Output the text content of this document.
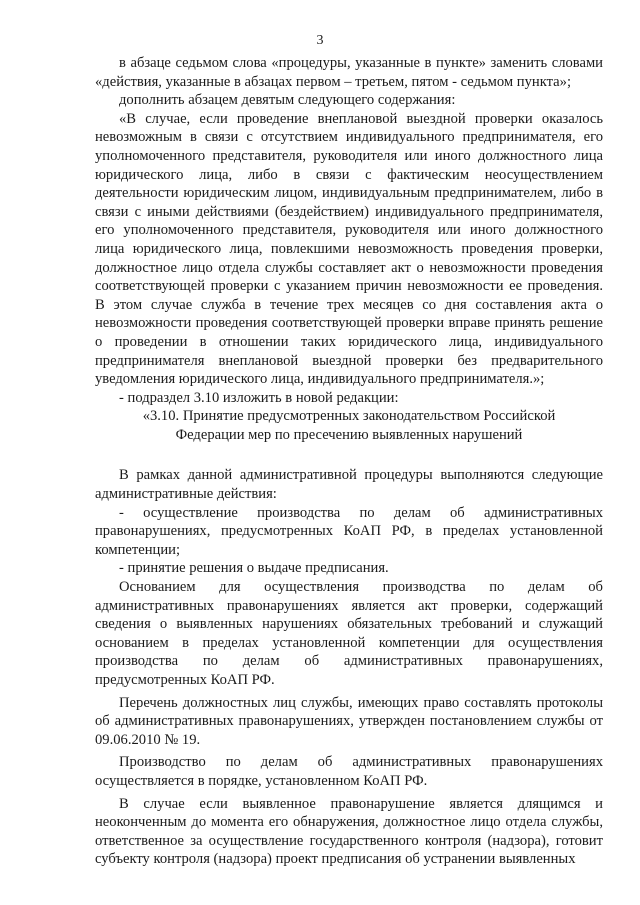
3

в абзаце седьмом слова «процедуры, указанные в пункте» заменить словами «действия, указанные в абзацах первом – третьем, пятом - седьмом пункта»;

дополнить абзацем девятым следующего содержания:

«В случае, если проведение внеплановой выездной проверки оказалось невозможным в связи с отсутствием индивидуального предпринимателя, его уполномоченного представителя, руководителя или иного должностного лица юридического лица, либо в связи с фактическим неосуществлением деятельности юридическим лицом, индивидуальным предпринимателем, либо в связи с иными действиями (бездействием) индивидуального предпринимателя, его уполномоченного представителя, руководителя или иного должностного лица юридического лица, повлекшими невозможность проведения проверки, должностное лицо отдела службы составляет акт о невозможности проведения соответствующей проверки с указанием причин невозможности ее проведения. В этом случае служба в течение трех месяцев со дня составления акта о невозможности проведения соответствующей проверки вправе принять решение о проведении в отношении таких юридического лица, индивидуального предпринимателя внеплановой выездной проверки без предварительного уведомления юридического лица, индивидуального предпринимателя.»;

- подраздел 3.10 изложить в новой редакции:

«3.10. Принятие предусмотренных законодательством Российской Федерации мер по пресечению выявленных нарушений

В рамках данной административной процедуры выполняются следующие административные действия:

- осуществление производства по делам об административных правонарушениях, предусмотренных КоАП РФ, в пределах установленной компетенции;

- принятие решения о выдаче предписания.

Основанием для осуществления производства по делам об административных правонарушениях является акт проверки, содержащий сведения о выявленных нарушениях обязательных требований и служащий основанием в пределах установленной компетенции для осуществления производства по делам об административных правонарушениях, предусмотренных КоАП РФ.

Перечень должностных лиц службы, имеющих право составлять протоколы об административных правонарушениях, утвержден постановлением службы от 09.06.2010 № 19.

Производство по делам об административных правонарушениях осуществляется в порядке, установленном КоАП РФ.

В случае если выявленное правонарушение является длящимся и неоконченным до момента его обнаружения, должностное лицо отдела службы, ответственное за осуществление государственного контроля (надзора), готовит субъекту контроля (надзора) проект предписания об устранении выявленных
